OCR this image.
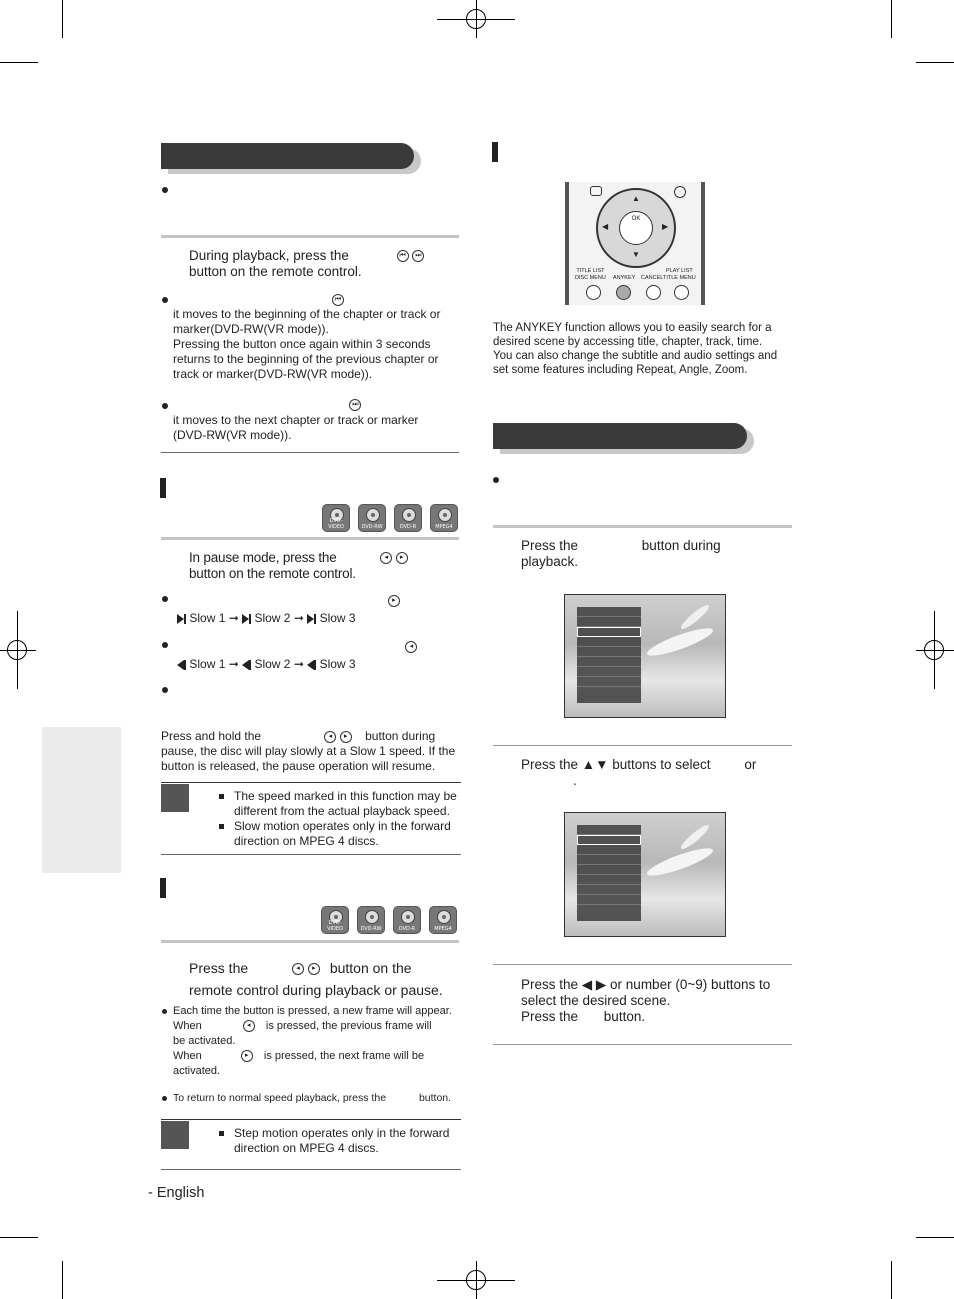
During playback, press the	⏮ ⏭
button on the remote control.
⏮
it moves to the beginning of the chapter or track or
marker(DVD-RW(VR mode)).
Pressing the button once again within 3 seconds
returns to the beginning of the previous chapter or
track or marker(DVD-RW(VR mode)).
⏭
it moves to the next chapter or track or marker
(DVD-RW(VR mode)).
DVD-VIDEO	DVD-RW	DVD-R	MPEG4
In pause mode, press the	◂ ▸
button on the remote control.
▸
Slow 1 ➞  Slow 2 ➞  Slow 3
◂
Slow 1 ➞  Slow 2 ➞  Slow 3
Press and hold the	◂ ▸ button during
pause, the disc will play slowly at a Slow 1 speed. If the
button is released, the pause operation will resume.
The speed marked in this function may be
different from the actual playback speed.
Slow motion operates only in the forward
direction on MPEG 4 discs.
DVD-VIDEO	DVD-RW	DVD-R	MPEG4
Press the	◂ ▸ button on the
remote control during playback or pause.
Each time the button is pressed, a new frame will appear.
When	◂ is pressed, the previous frame will
be activated.
When	▸ is pressed, the next frame will be
activated.
To return to normal speed playback, press the	button.
Step motion operates only in the forward
direction on MPEG 4 discs.
- English
OK
▲
▼
◀	▶
TITLE LIST
DISC MENU ANYKEY CANCEL
PLAY LIST
TITLE MENU
The ANYKEY function allows you to easily search for a
desired scene by accessing title, chapter, track, time.
You can also change the subtitle and audio settings and
set some features including Repeat, Angle, Zoom.
Press the	button during
playback.
Press the ▲▼ buttons to select	or
.
Press the ◀ ▶ or number (0~9) buttons to
select the desired scene.
Press the button.
